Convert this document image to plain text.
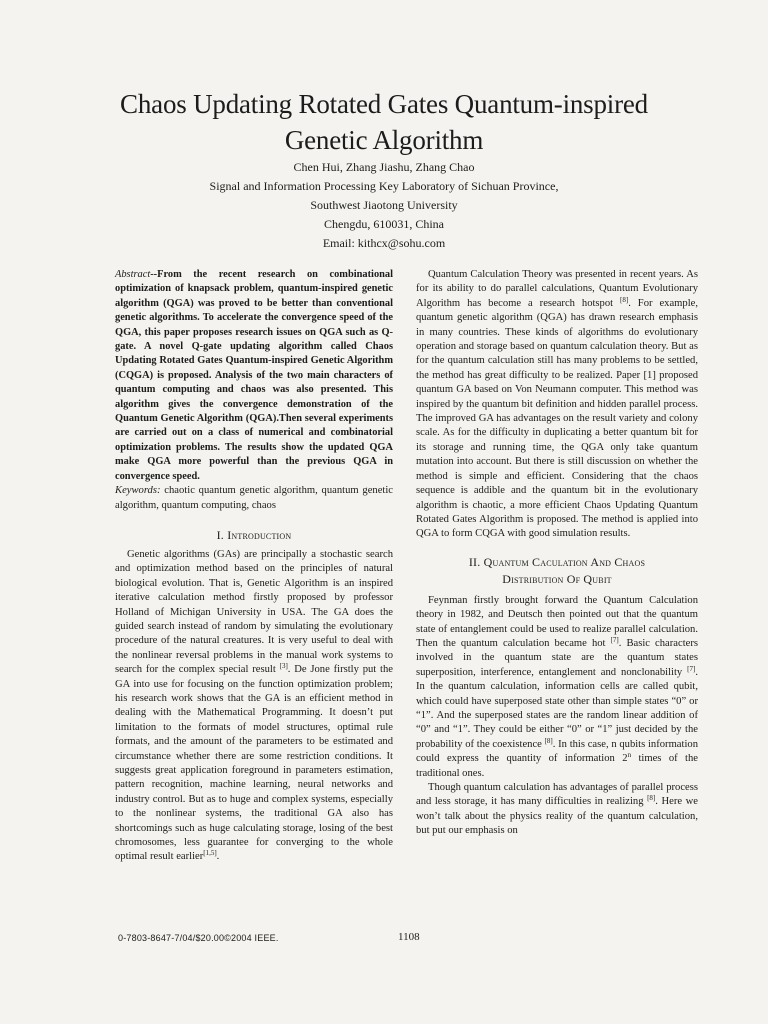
Chaos Updating Rotated Gates Quantum-inspired
Genetic Algorithm
Chen Hui, Zhang Jiashu, Zhang Chao
Signal and Information Processing Key Laboratory of Sichuan Province,
Southwest Jiaotong University
Chengdu, 610031, China
Email: kithcx@sohu.com

Abstract--From the recent research on combinational optimization of knapsack problem, quantum-inspired genetic algorithm (QGA) was proved to be better than conventional genetic algorithms. To accelerate the convergence speed of the QGA, this paper proposes research issues on QGA such as Q-gate. A novel Q-gate updating algorithm called Chaos Updating Rotated Gates Quantum-inspired Genetic Algorithm (CQGA) is proposed. Analysis of the two main characters of quantum computing and chaos was also presented. This algorithm gives the convergence demonstration of the Quantum Genetic Algorithm (QGA).Then several experiments are carried out on a class of numerical and combinatorial optimization problems. The results show the updated QGA make QGA more powerful than the previous QGA in convergence speed.

Keywords: chaotic quantum genetic algorithm, quantum genetic algorithm, quantum computing, chaos

I. Introduction

Genetic algorithms (GAs) are principally a stochastic search and optimization method based on the principles of natural biological evolution. That is, Genetic Algorithm is an inspired iterative calculation method firstly proposed by professor Holland of Michigan University in USA. The GA does the guided search instead of random by simulating the evolutionary procedure of the natural creatures. It is very useful to deal with the nonlinear reversal problems in the manual work systems to search for the complex special result [3]. De Jone firstly put the GA into use for focusing on the function optimization problem; his research work shows that the GA is an efficient method in dealing with the Mathematical Programming. It doesn’t put limitation to the formats of model structures, optimal rule formats, and the amount of the parameters to be estimated and circumstance whether there are some restriction conditions. It suggests great application foreground in parameters estimation, pattern recognition, machine learning, neural networks and industry control. But as to huge and complex systems, especially to the nonlinear systems, the traditional GA also has shortcomings such as huge calculating storage, losing of the best chromosomes, less guarantee for converging to the whole optimal result earlier[1,5].

Quantum Calculation Theory was presented in recent years. As for its ability to do parallel calculations, Quantum Evolutionary Algorithm has become a research hotspot [8]. For example, quantum genetic algorithm (QGA) has drawn research emphasis in many countries. These kinds of algorithms do evolutionary operation and storage based on quantum calculation theory. But as for the quantum calculation still has many problems to be settled, the method has great difficulty to be realized. Paper [1] proposed quantum GA based on Von Neumann computer. This method was inspired by the quantum bit definition and hidden parallel process. The improved GA has advantages on the result variety and colony scale. As for the difficulty in duplicating a better quantum bit for its storage and running time, the QGA only take quantum mutation into account. But there is still discussion on whether the method is simple and efficient. Considering that the chaos sequence is addible and the quantum bit in the evolutionary algorithm is chaotic, a more efficient Chaos Updating Quantum Rotated Gates Algorithm is proposed. The method is applied into QGA to form CQGA with good simulation results.

II. Quantum Caculation And Chaos
Distribution Of Qubit

Feynman firstly brought forward the Quantum Calculation theory in 1982, and Deutsch then pointed out that the quantum state of entanglement could be used to realize parallel calculation. Then the quantum calculation became hot [7]. Basic characters involved in the quantum state are the quantum states superposition, interference, entanglement and nonclonability [7]. In the quantum calculation, information cells are called qubit, which could have superposed state other than simple states “0” or “1”. And the superposed states are the random linear addition of “0” and “1”. They could be either “0” or “1” just decided by the probability of the coexistence [8]. In this case, n qubits information could express the quantity of information 2$^n$ times of the traditional ones.

Though quantum calculation has advantages of parallel process and less storage, it has many difficulties in realizing [8]. Here we won’t talk about the physics reality of the quantum calculation, but put our emphasis on

0-7803-8647-7/04/$20.00©2004 IEEE.	1108
